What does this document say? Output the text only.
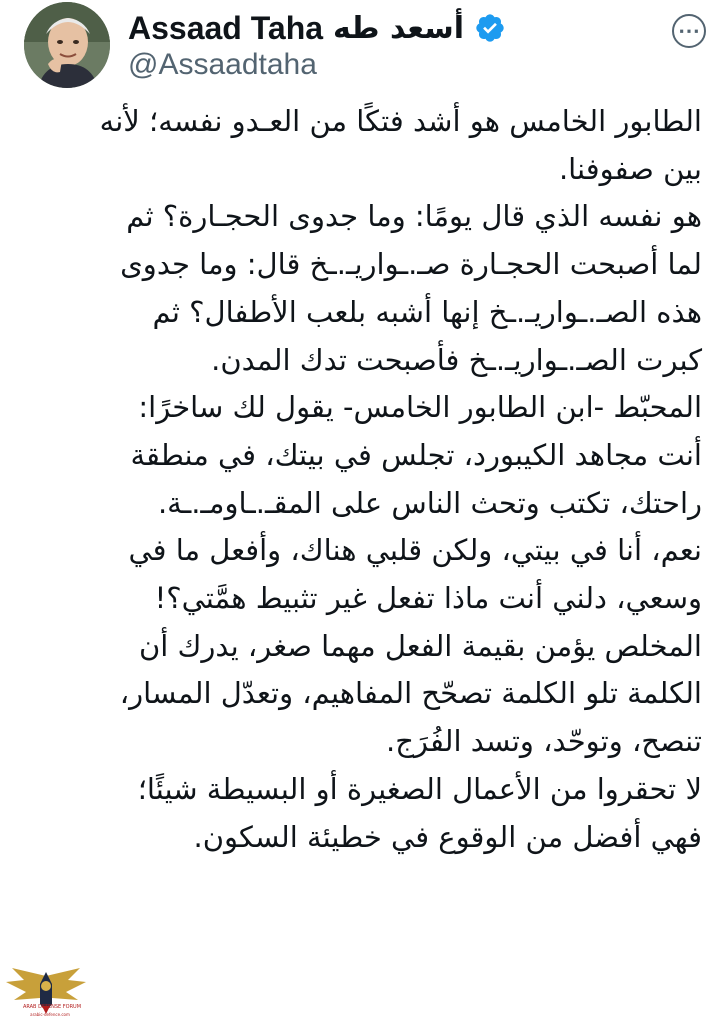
Assaad Taha أسعد طه
@Assaadtaha
⋯
الطابور الخامس هو أشد فتكًا من العـدو نفسه؛ لأنه
بين صفوفنا.
هو نفسه الذي قال يومًا: وما جدوى الحجـارة؟ ثم
لما أصبحت الحجـارة صـ.ـواريـ.ـخ قال: وما جدوى
هذه الصـ.ـواريـ.ـخ إنها أشبه بلعب الأطفال؟ ثم
كبرت الصـ.ـواريـ.ـخ فأصبحت تدك المدن.
المحبّط -ابن الطابور الخامس- يقول لك ساخرًا:
أنت مجاهد الكيبورد، تجلس في بيتك، في منطقة
راحتك، تكتب وتحث الناس على المقـ.ـاومـ.ـة.
نعم، أنا في بيتي، ولكن قلبي هناك، وأفعل ما في
وسعي، دلني أنت ماذا تفعل غير تثبيط همَّتي؟!
المخلص يؤمن بقيمة الفعل مهما صغر، يدرك أن
الكلمة تلو الكلمة تصحّح المفاهيم، وتعدّل المسار،
تنصح، وتوحّد، وتسد الفُرَج.
لا تحقروا من الأعمال الصغيرة أو البسيطة شيئًا؛
فهي أفضل من الوقوع في خطيئة السكون.
ARAB DEFENSE FORUM
arabic-defence.com
